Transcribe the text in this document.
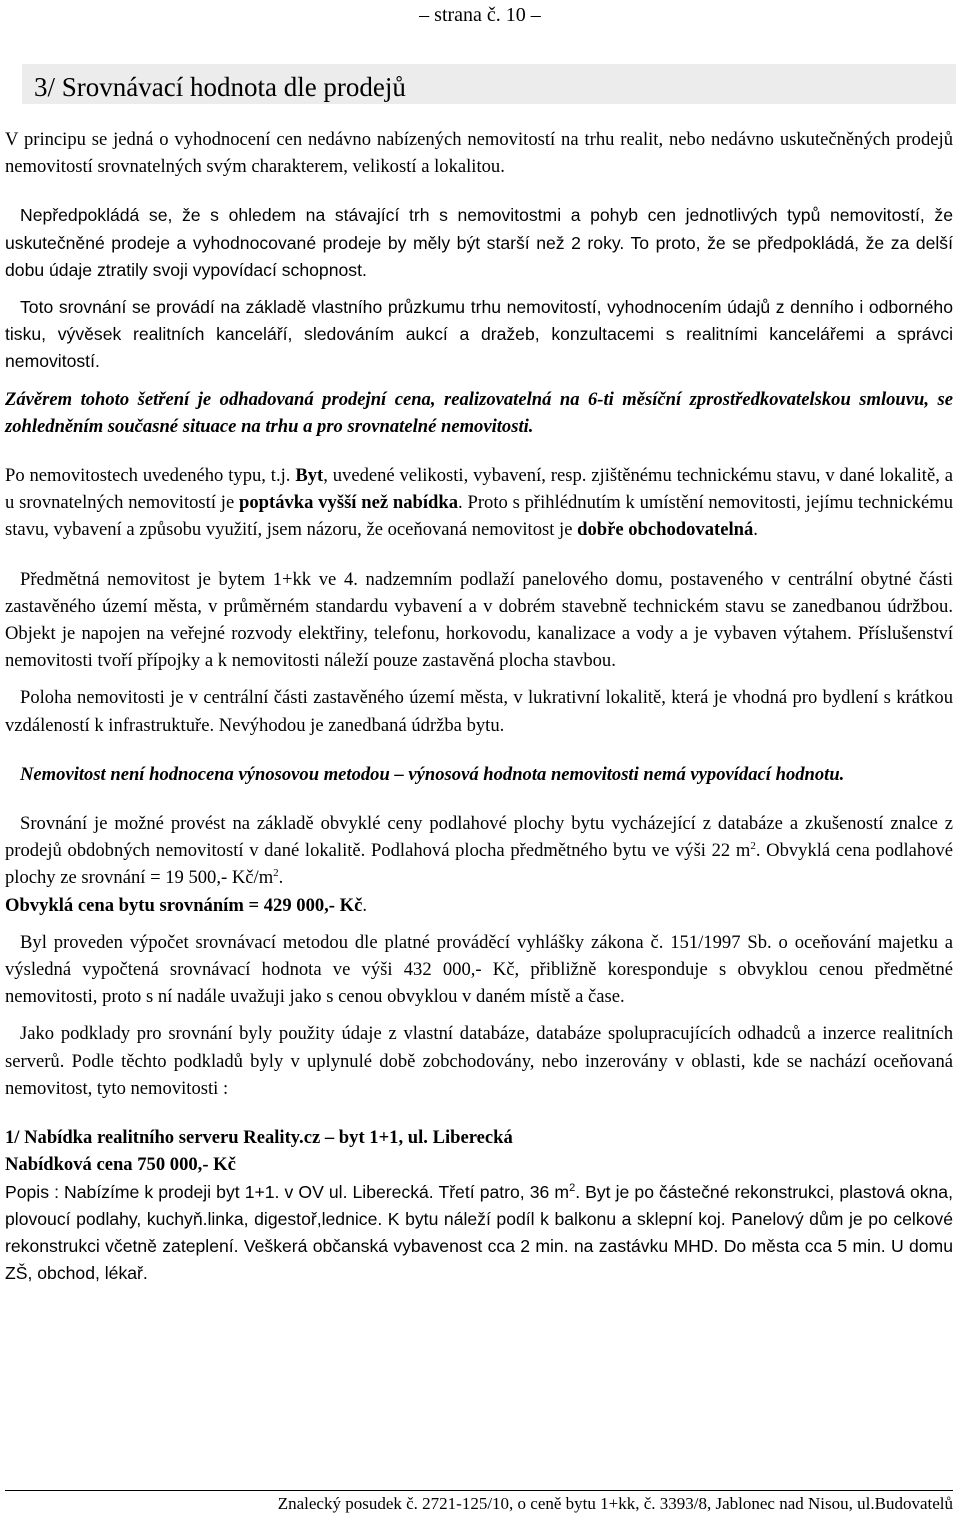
– strana č. 10 –
3/ Srovnávací hodnota dle prodejů

V principu se jedná o vyhodnocení cen nedávno nabízených nemovitostí na trhu realit, nebo nedávno uskutečněných prodejů nemovitostí srovnatelných svým charakterem, velikostí a lokalitou.

Nepředpokládá se, že s ohledem na stávající trh s nemovitostmi a pohyb cen jednotlivých typů nemovitostí, že uskutečněné prodeje a vyhodnocované prodeje by měly být starší než 2 roky. To proto, že se předpokládá, že za delší dobu údaje ztratily svoji vypovídací schopnost.

Toto srovnání se provádí na základě vlastního průzkumu trhu nemovitostí, vyhodnocením údajů z denního i odborného tisku, vývěsek realitních kanceláří, sledováním aukcí a dražeb, konzultacemi s realitními kancelářemi a správci nemovitostí.

Závěrem tohoto šetření je odhadovaná prodejní cena, realizovatelná na 6-ti měsíční zprostředkovatelskou smlouvu, se zohledněním současné situace na trhu a pro srovnatelné nemovitosti.

Po nemovitostech uvedeného typu, t.j. Byt, uvedené velikosti, vybavení, resp. zjištěnému technickému stavu, v dané lokalitě, a u srovnatelných nemovitostí je poptávka vyšší než nabídka. Proto s přihlédnutím k umístění nemovitosti, jejímu technickému stavu, vybavení a způsobu využití, jsem názoru, že oceňovaná nemovitost je dobře obchodovatelná.

Předmětná nemovitost je bytem 1+kk ve 4. nadzemním podlaží panelového domu, postaveného v centrální obytné části zastavěného území města, v průměrném standardu vybavení a v dobrém stavebně technickém stavu se zanedbanou údržbou. Objekt je napojen na veřejné rozvody elektřiny, telefonu, horkovodu, kanalizace a vody a je vybaven výtahem. Příslušenství nemovitosti tvoří přípojky a k nemovitosti náleží pouze zastavěná plocha stavbou.

Poloha nemovitosti je v centrální části zastavěného území města, v lukrativní lokalitě, která je vhodná pro bydlení s krátkou vzdáleností k infrastruktuře. Nevýhodou je zanedbaná údržba bytu.

Nemovitost není hodnocena výnosovou metodou – výnosová hodnota nemovitosti nemá vypovídací hodnotu.

Srovnání je možné provést na základě obvyklé ceny podlahové plochy bytu vycházející z databáze a zkušeností znalce z prodejů obdobných nemovitostí v dané lokalitě. Podlahová plocha předmětného bytu ve výši 22 $m^2$. Obvyklá cena podlahové plochy ze srovnání = 19 500,- $Kč/m^2$.
Obvyklá cena bytu srovnáním = 429 000,- Kč.

Byl proveden výpočet srovnávací metodou dle platné prováděcí vyhlášky zákona č. 151/1997 Sb. o oceňování majetku a výsledná vypočtená srovnávací hodnota ve výši 432 000,- Kč, přibližně koresponduje s obvyklou cenou předmětné nemovitosti, proto s ní nadále uvažuji jako s cenou obvyklou v daném místě a čase.

Jako podklady pro srovnání byly použity údaje z vlastní databáze, databáze spolupracujících odhadců a inzerce realitních serverů. Podle těchto podkladů byly v uplynulé době zobchodovány, nebo inzerovány v oblasti, kde se nachází oceňovaná nemovitost, tyto nemovitosti :

1/ Nabídka realitního serveru Reality.cz – byt 1+1, ul. Liberecká

Nabídková cena 750 000,- Kč

Popis : Nabízíme k prodeji byt 1+1. v OV ul. Liberecká. Třetí patro, 36 $m^2$. Byt je po částečné rekonstrukci, plastová okna, plovoucí podlahy, kuchyň.linka, digestoř,lednice. K bytu náleží podíl k balkonu a sklepní koj. Panelový dům je po celkové rekonstrukci včetně zateplení. Veškerá občanská vybavenost cca 2 min. na zastávku MHD. Do města cca 5 min. U domu ZŠ, obchod, lékař.

Znalecký posudek č. 2721-125/10, o ceně bytu 1+kk, č. 3393/8, Jablonec nad Nisou, ul.Budovatelů
